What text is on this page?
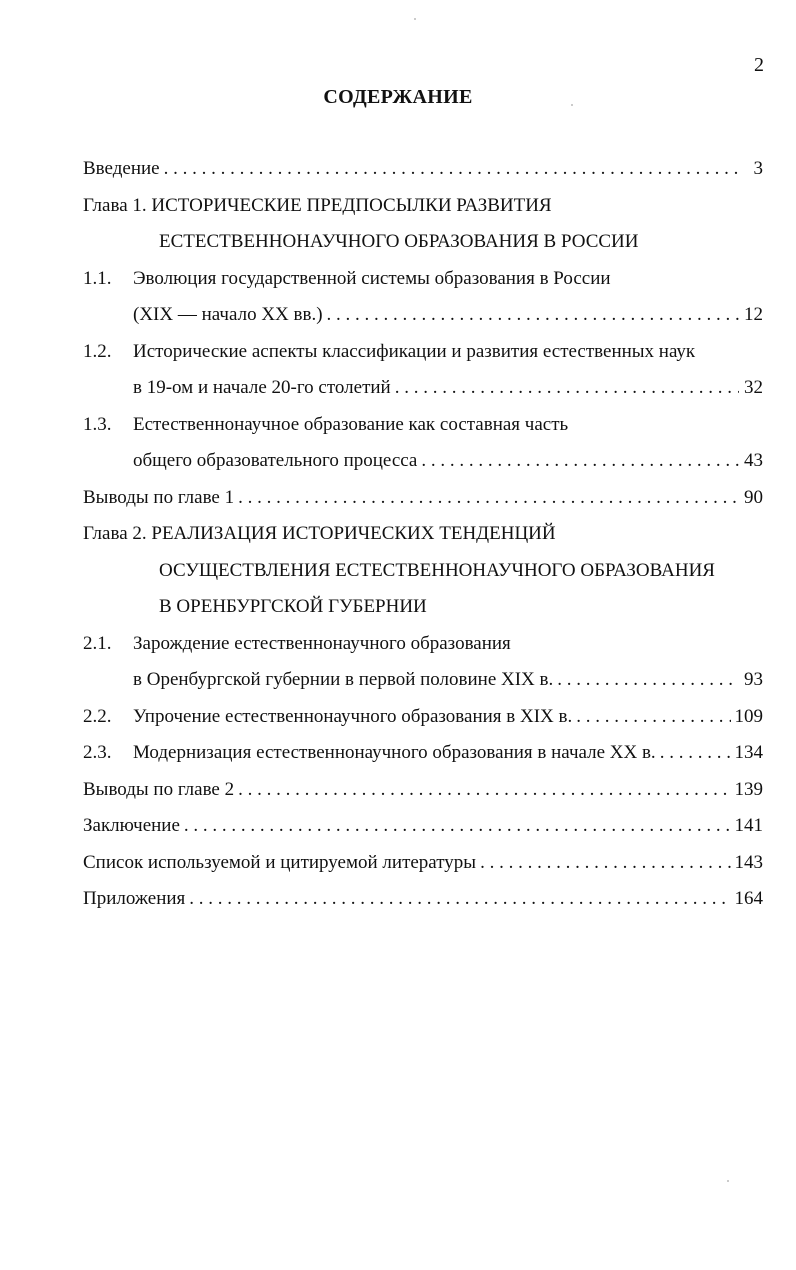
2
СОДЕРЖАНИЕ
Введение . . .	3
Глава 1. ИСТОРИЧЕСКИЕ ПРЕДПОСЫЛКИ РАЗВИТИЯ
ЕСТЕСТВЕННОНАУЧНОГО ОБРАЗОВАНИЯ В РОССИИ
1.1.	Эволюция государственной системы образования в России
(XIX — начало XX вв.) . . .	12
1.2.	Исторические аспекты классификации и развития естественных наук
в 19-ом и начале 20-го столетий . . .	32
1.3.	Естественнонаучное образование как составная часть
общего образовательного процесса . . .	43
Выводы по главе 1 . . .	90
Глава 2. РЕАЛИЗАЦИЯ ИСТОРИЧЕСКИХ ТЕНДЕНЦИЙ
ОСУЩЕСТВЛЕНИЯ ЕСТЕСТВЕННОНАУЧНОГО ОБРАЗОВАНИЯ
В ОРЕНБУРГСКОЙ ГУБЕРНИИ
2.1.	Зарождение естественнонаучного образования
в Оренбургской губернии в первой половине XIX в. . . .	93
2.2.	Упрочение естественнонаучного образования в XIX в. . . .	109
2.3.	Модернизация естественнонаучного образования в начале XX в. . . .	134
Выводы по главе 2 . . .	139
Заключение . . .	141
Список используемой и цитируемой литературы . . .	143
Приложения . . .	164
